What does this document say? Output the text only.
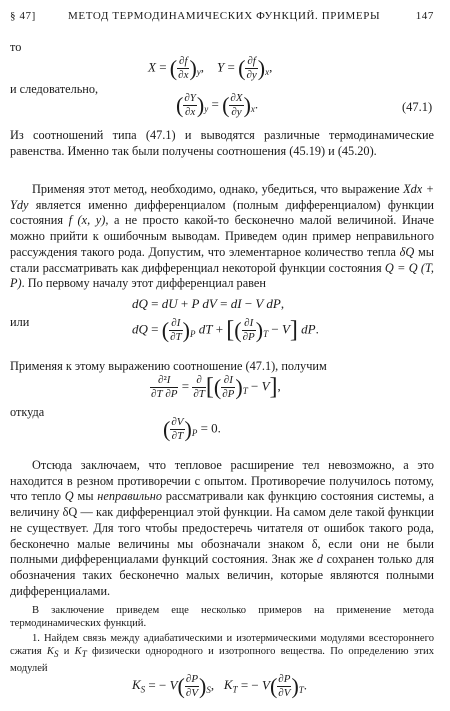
§ 47]	МЕТОД ТЕРМОДИНАМИЧЕСКИХ ФУНКЦИЙ. ПРИМЕРЫ	147
то
X = ( $\frac{\partial f}{\partial x} )_y$,    Y = ( $\frac{\partial f}{\partial y} )_x$,
и следовательно,
( $\frac{\partial Y}{\partial x} )_y$ = ( $\frac{\partial X}{\partial y} )_x$.	(47.1)

Из соотношений типа (47.1) и выводятся различные термодинамические равенства. Именно так были получены соотношения (45.19) и (45.20).

Применяя этот метод, необходимо, однако, убедиться, что выражение Xdx + Ydy является именно дифференциалом (полным дифференциалом) функции состояния f (x, y), а не просто какой-то бесконечно малой величиной. Иначе можно прийти к ошибочным выводам. Приведем один пример неправильного рассуждения такого рода. Допустим, что элементарное количество тепла δQ мы стали рассматривать как дифференциал некоторой функции состояния Q = Q (T, P). По первому началу этот дифференциал равен

dQ = dU + P dV = dI − V dP,
или	dQ = ( $\frac{\partial I}{\partial T} )_P$ dT + [( $\frac{\partial I}{\partial P} )_T - V$] dP.
Применяя к этому выражению соотношение (47.1), получим
$\frac{\text{∂²I}}{\partial T \partial P} = \frac{\partial}{\partial T}$ [( $\frac{\partial I}{\partial P} )_T - V$],
откуда
( $\frac{\partial V}{\partial T} )_P = 0$.

Отсюда заключаем, что тепловое расширение тел невозможно, а это находится в резном противоречии с опытом. Противоречие получилось потому, что тепло Q мы неправильно рассматривали как функцию состояния системы, а величину δQ — как дифференциал этой функции. На самом деле такой функции не существует. Для того чтобы предостеречь читателя от ошибок такого рода, бесконечно малые величины мы обозначали знаком δ, если они не были полными дифференциалами функций состояния. Знак же d сохранен только для обозначения таких бесконечно малых величин, которые являются полными дифференциалами.

В заключение приведем еще несколько примеров на применение метода термодинамических функций.

1. Найдем связь между адиабатическими и изотермическими модулями всестороннего сжатия $K_S$ и $K_T$ физически однородного и изотропного вещества. По определению этих модулей

$K_S$ = − $V( \frac{\partial P}{\partial V} )_S$,   $K_T$ = − $V( \frac{\partial P}{\partial V} )_T$.
